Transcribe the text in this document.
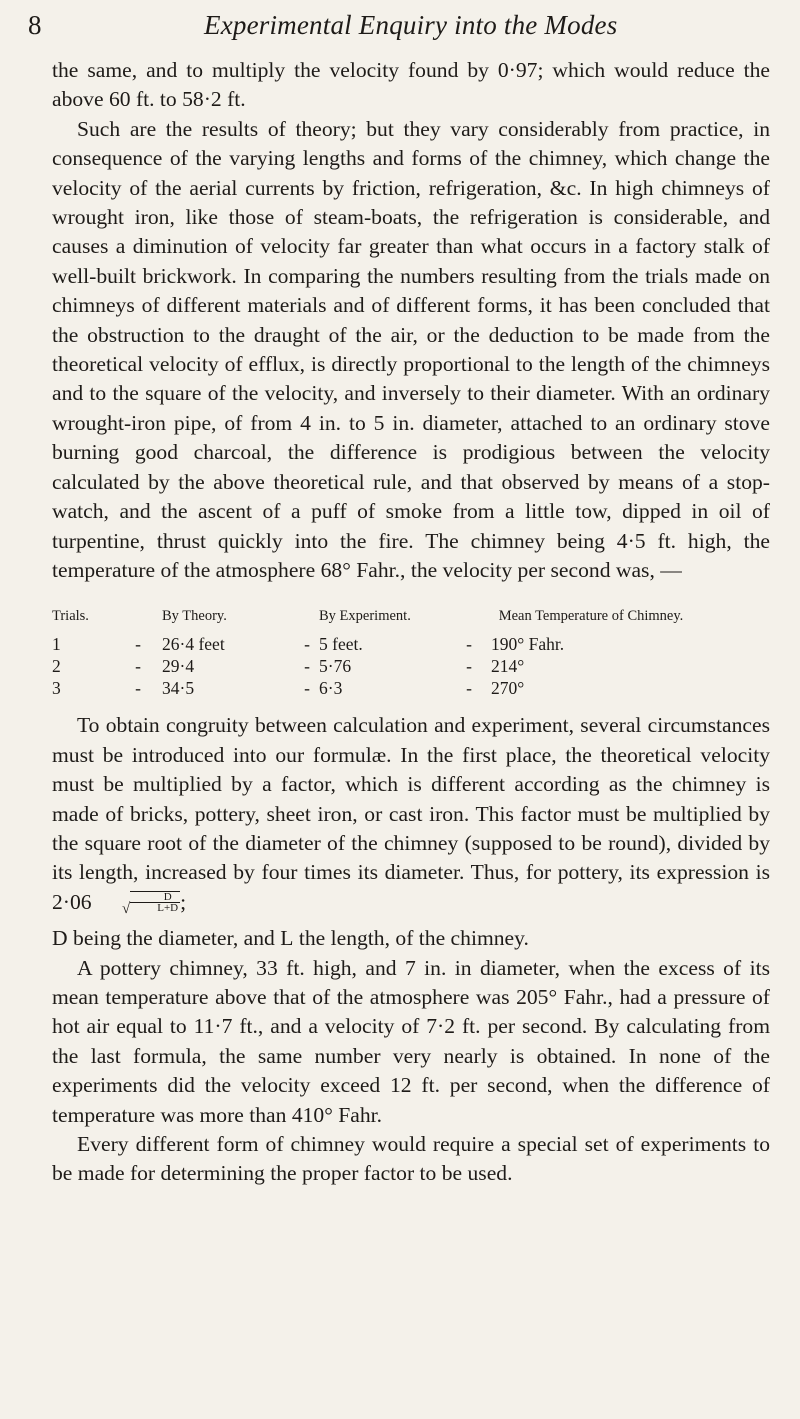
8	Experimental Enquiry into the Modes

the same, and to multiply the velocity found by 0·97; which would reduce the above 60 ft. to 58·2 ft.

Such are the results of theory; but they vary considerably from practice, in consequence of the varying lengths and forms of the chimney, which change the velocity of the aerial currents by friction, refrigeration, &c. In high chimneys of wrought iron, like those of steam-boats, the refrigeration is considerable, and causes a diminution of velocity far greater than what occurs in a factory stalk of well-built brickwork. In comparing the numbers resulting from the trials made on chimneys of different materials and of different forms, it has been concluded that the obstruction to the draught of the air, or the deduction to be made from the theoretical velocity of efflux, is directly proportional to the length of the chimneys and to the square of the velocity, and inversely to their diameter. With an ordinary wrought-iron pipe, of from 4 in. to 5 in. diameter, attached to an ordinary stove burning good charcoal, the difference is prodigious between the velocity calculated by the above theoretical rule, and that observed by means of a stop-watch, and the ascent of a puff of smoke from a little tow, dipped in oil of turpentine, thrust quickly into the fire. The chimney being 4·5 ft. high, the temperature of the atmosphere 68° Fahr., the velocity per second was, —

Trials.	By Theory.	By Experiment.	Mean Temperature of Chimney.
1	-	26·4 feet	- 5 feet.	-	190° Fahr.
2	-	29·4	- 5·76	-	214°
3	-	34·5	- 6·3	-	270°

To obtain congruity between calculation and experiment, several circumstances must be introduced into our formulæ. In the first place, the theoretical velocity must be multiplied by a factor, which is different according as the chimney is made of bricks, pottery, sheet iron, or cast iron. This factor must be multiplied by the square root of the diameter of the chimney (supposed to be round), divided by its length, increased by four times its diameter. Thus, for pottery, its expression is 2·06 √ $\frac{D}{L+D}$ ;

D being the diameter, and L the length, of the chimney.

A pottery chimney, 33 ft. high, and 7 in. in diameter, when the excess of its mean temperature above that of the atmosphere was 205° Fahr., had a pressure of hot air equal to 11·7 ft., and a velocity of 7·2 ft. per second. By calculating from the last formula, the same number very nearly is obtained. In none of the experiments did the velocity exceed 12 ft. per second, when the difference of temperature was more than 410° Fahr.

Every different form of chimney would require a special set of experiments to be made for determining the proper factor to be used.
